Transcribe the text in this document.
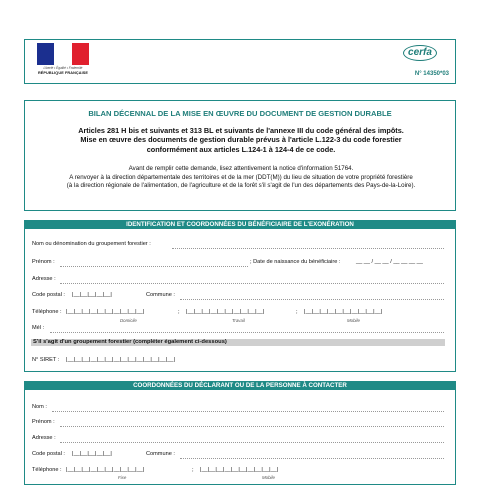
Liberté • Égalité • Fraternité
RÉPUBLIQUE FRANÇAISE
cerfa
N° 14350*03
BILAN DÉCENNAL DE LA MISE EN ŒUVRE DU DOCUMENT DE GESTION DURABLE
Articles 281 H bis et suivants et 313 BL et suivants de l'annexe III du code général des impôts.
Mise en œuvre des documents de gestion durable prévus à l'article L.122-3 du code forestier
conformément aux articles L.124-1 à 124-4 de ce code.
Avant de remplir cette demande, lisez attentivement la notice d'information 51764.
A renvoyer à la direction départementale des territoires et de la mer (DDT(M)) du lieu de situation de votre propriété forestière
(à la direction régionale de l'alimentation, de l'agriculture et de la forêt s'il s'agit de l'un des départements des Pays-de-la-Loire).
IDENTIFICATION ET COORDONNÉES DU BÉNÉFICIAIRE DE L'EXONÉRATION
Nom ou dénomination du groupement forestier :
Prénom :	; Date de naissance du bénéficiaire :	__ __ / __ __ / __ __ __ __
Adresse :
Code postal : |__|__|__|__|__|	Commune :
Téléphone : |__|__|__|__|__|__|__|__|__|__|	; |__|__|__|__|__|__|__|__|__|__|	; |__|__|__|__|__|__|__|__|__|__|
Domicile	Travail	Mobile
Mél :
S'il s'agit d'un groupement forestier (compléter également ci-dessous)
N° SIRET : |__|__|__|__|__|__|__|__|__|__|__|__|__|__|
COORDONNÉES DU DÉCLARANT OU DE LA PERSONNE À CONTACTER
Nom :
Prénom :
Adresse :
Code postal : |__|__|__|__|__|	Commune :
Téléphone : |__|__|__|__|__|__|__|__|__|__|	; |__|__|__|__|__|__|__|__|__|__|
Fixe	Mobile
